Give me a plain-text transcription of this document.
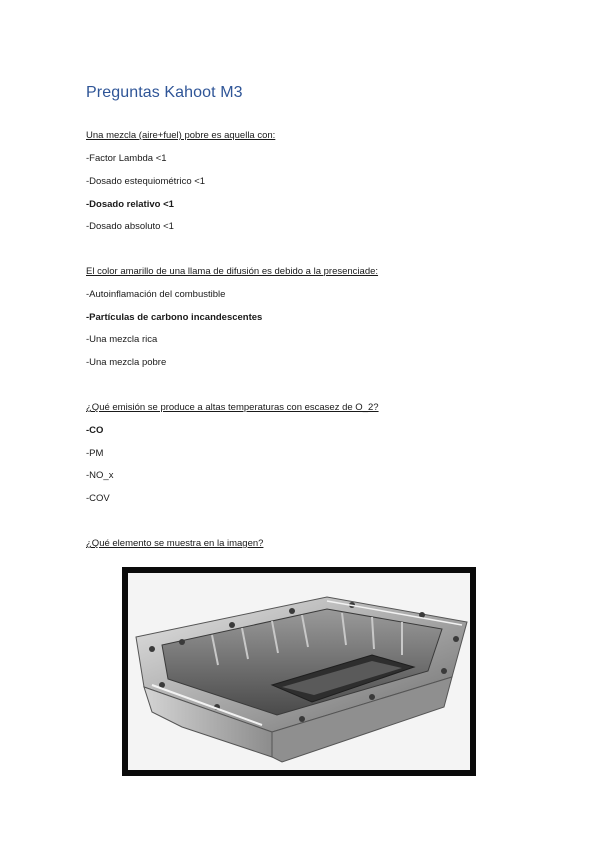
Preguntas Kahoot M3
Una mezcla (aire+fuel) pobre es aquella con:
-Factor Lambda <1
-Dosado estequiométrico <1
-Dosado relativo <1
-Dosado absoluto <1
El color amarillo de una llama de difusión es debido a la presenciade:
-Autoinflamación del combustible
-Partículas de carbono incandescentes
-Una mezcla rica
-Una mezcla pobre
¿Qué emisión se produce a altas temperaturas con escasez de O_2?
-CO
-PM
-NO_x
-COV
¿Qué elemento se muestra en la imagen?
